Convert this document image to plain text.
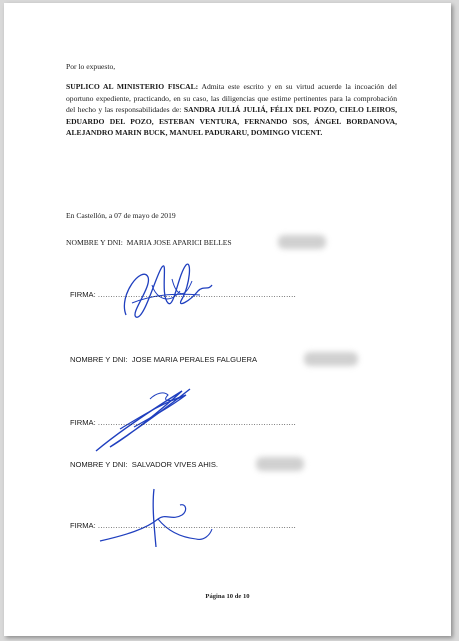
Por lo expuesto,
SUPLICO AL MINISTERIO FISCAL: Admita este escrito y en su virtud acuerde la incoación del oportuno expediente, practicando, en su caso, las diligencias que estime pertinentes para la comprobación del hecho y las responsabilidades de: SANDRA JULIÁ JULIÁ, FÉLIX DEL POZO, CIELO LEIROS, EDUARDO DEL POZO, ESTEBAN VENTURA, FERNANDO SOS, ÁNGEL BORDANOVA, ALEJANDRO MARIN BUCK, MANUEL PADURARU, DOMINGO VICENT.
En Castellón, a 07 de mayo de 2019
NOMBRE Y DNI: MARIA JOSE APARICI BELLES
FIRMA: ...............................................................................
NOMBRE Y DNI: JOSE MARIA PERALES FALGUERA
FIRMA: ...............................................................................
NOMBRE Y DNI: SALVADOR VIVES AHIS.
FIRMA: ...............................................................................
Página 10 de 10
